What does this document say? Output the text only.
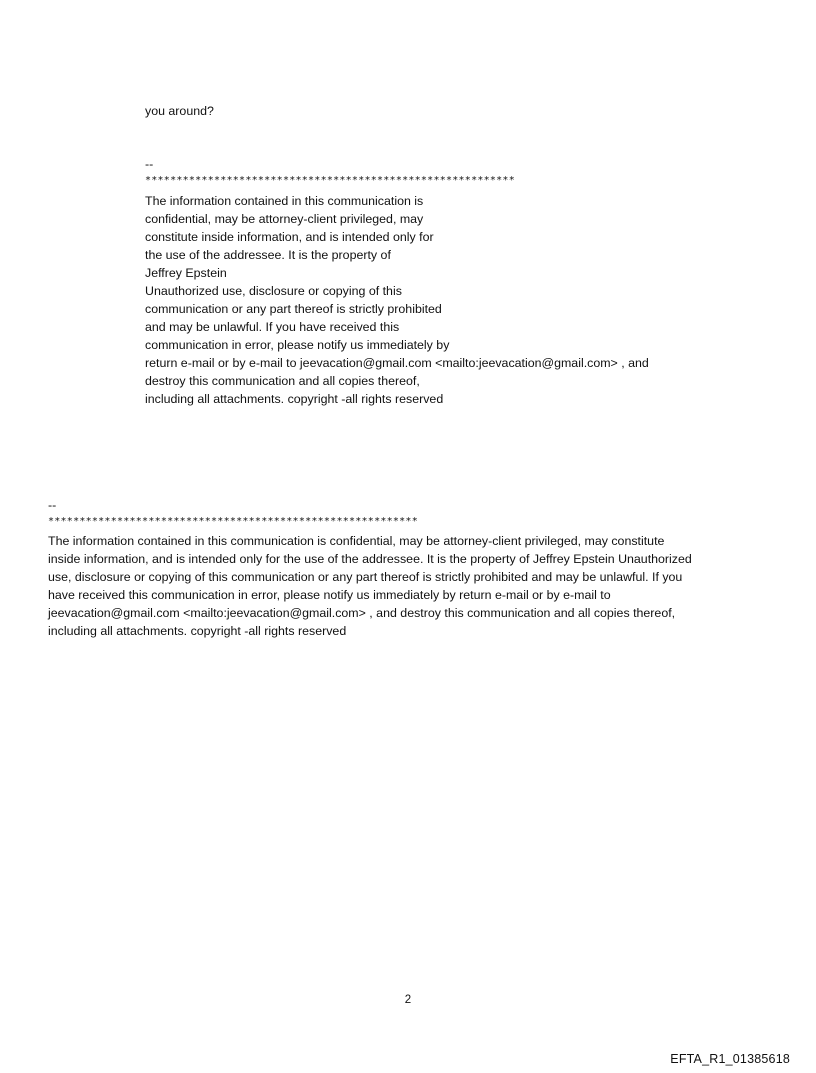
you around?
--
***********************************************************
The information contained in this communication is
confidential, may be attorney-client privileged, may
constitute inside information, and is intended only for
the use of the addressee. It is the property of
Jeffrey Epstein
Unauthorized use, disclosure or copying of this
communication or any part thereof is strictly prohibited
and may be unlawful. If you have received this
communication in error, please notify us immediately by
return e-mail or by e-mail to jeevacation@gmail.com <mailto:jeevacation@gmail.com> , and
destroy this communication and all copies thereof,
including all attachments. copyright -all rights reserved
--
***********************************************************
The information contained in this communication is confidential, may be attorney-client privileged, may constitute
inside information, and is intended only for the use of the addressee. It is the property of Jeffrey Epstein Unauthorized
use, disclosure or copying of this communication or any part thereof is strictly prohibited and may be unlawful. If you
have received this communication in error, please notify us immediately by return e-mail or by e-mail to
jeevacation@gmail.com <mailto:jeevacation@gmail.com> , and destroy this communication and all copies thereof,
including all attachments. copyright -all rights reserved
2
EFTA_R1_01385618
